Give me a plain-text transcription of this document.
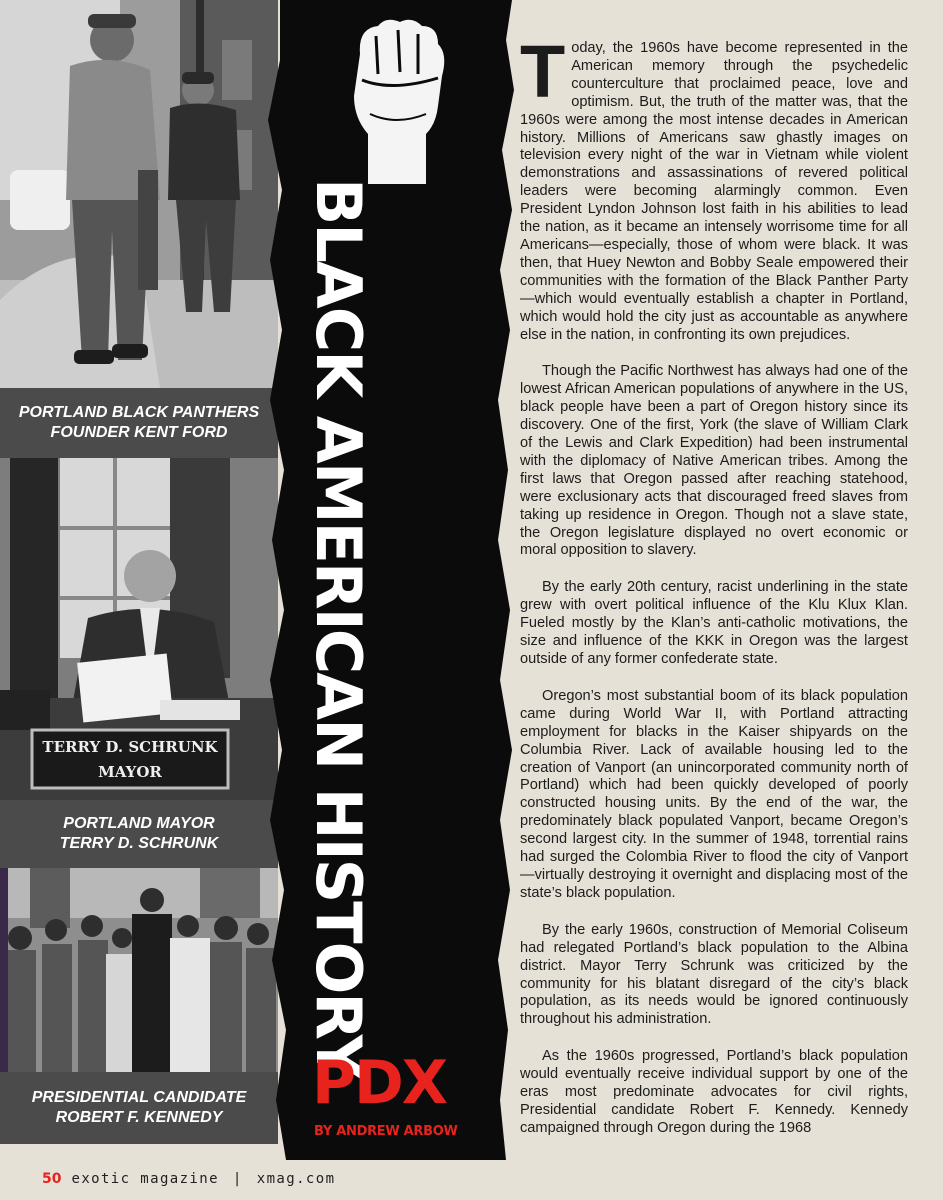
PORTLAND BLACK PANTHERS
FOUNDER KENT FORD
TERRY D. SCHRUNK
MAYOR
PORTLAND MAYOR
TERRY D. SCHRUNK
PRESIDENTIAL CANDIDATE
ROBERT F. KENNEDY
BLACK AMERICAN HISTORY
PDX
BY ANDREW ARBOW

Today, the 1960s have become represented in the American memory through the psychedelic counterculture that proclaimed peace, love and optimism. But, the truth of the matter was, that the 1960s were among the most intense decades in American history. Millions of Americans saw ghastly images on television every night of the war in Vietnam while violent demonstrations and assassinations of revered political leaders were becoming alarmingly common. Even President Lyndon Johnson lost faith in his abilities to lead the nation, as it became an intensely worrisome time for all Americans—especially, those of whom were black. It was then, that Huey Newton and Bobby Seale empowered their communities with the formation of the Black Panther Party—which would eventually establish a chapter in Portland, which would hold the city just as accountable as anywhere else in the nation, in confronting its own prejudices.

Though the Pacific Northwest has always had one of the lowest African American populations of anywhere in the US, black people have been a part of Oregon history since its discovery. One of the first, York (the slave of William Clark of the Lewis and Clark Expedition) had been instrumental with the diplomacy of Native American tribes. Among the first laws that Oregon passed after reaching statehood, were exclusionary acts that discouraged freed slaves from taking up residence in Oregon. Though not a slave state, the Oregon legislature displayed no overt economic or moral opposition to slavery.

By the early 20th century, racist underlining in the state grew with overt political influence of the Klu Klux Klan. Fueled mostly by the Klan’s anti-catholic motivations, the size and influence of the KKK in Oregon was the largest outside of any former confederate state.

Oregon’s most substantial boom of its black population came during World War II, with Portland attracting employment for blacks in the Kaiser shipyards on the Columbia River. Lack of available housing led to the creation of Vanport (an unincorporated community north of Portland) which had been quickly developed of poorly constructed housing units. By the end of the war, the predominately black populated Vanport, became Oregon’s second largest city. In the summer of 1948, torrential rains had surged the Colombia River to flood the city of Vanport—virtually destroying it overnight and displacing most of the state’s black population.

By the early 1960s, construction of Memorial Coliseum had relegated Portland’s black population to the Albina district. Mayor Terry Schrunk was criticized by the community for his blatant disregard of the city’s black population, as its needs would be ignored continuously throughout his administration.

As the 1960s progressed, Portland’s black population would eventually receive individual support by one of the eras most predominate advocates for civil rights, Presidential candidate Robert F. Kennedy. Kennedy campaigned through Oregon during the 1968

50 exotic magazine | xmag.com
